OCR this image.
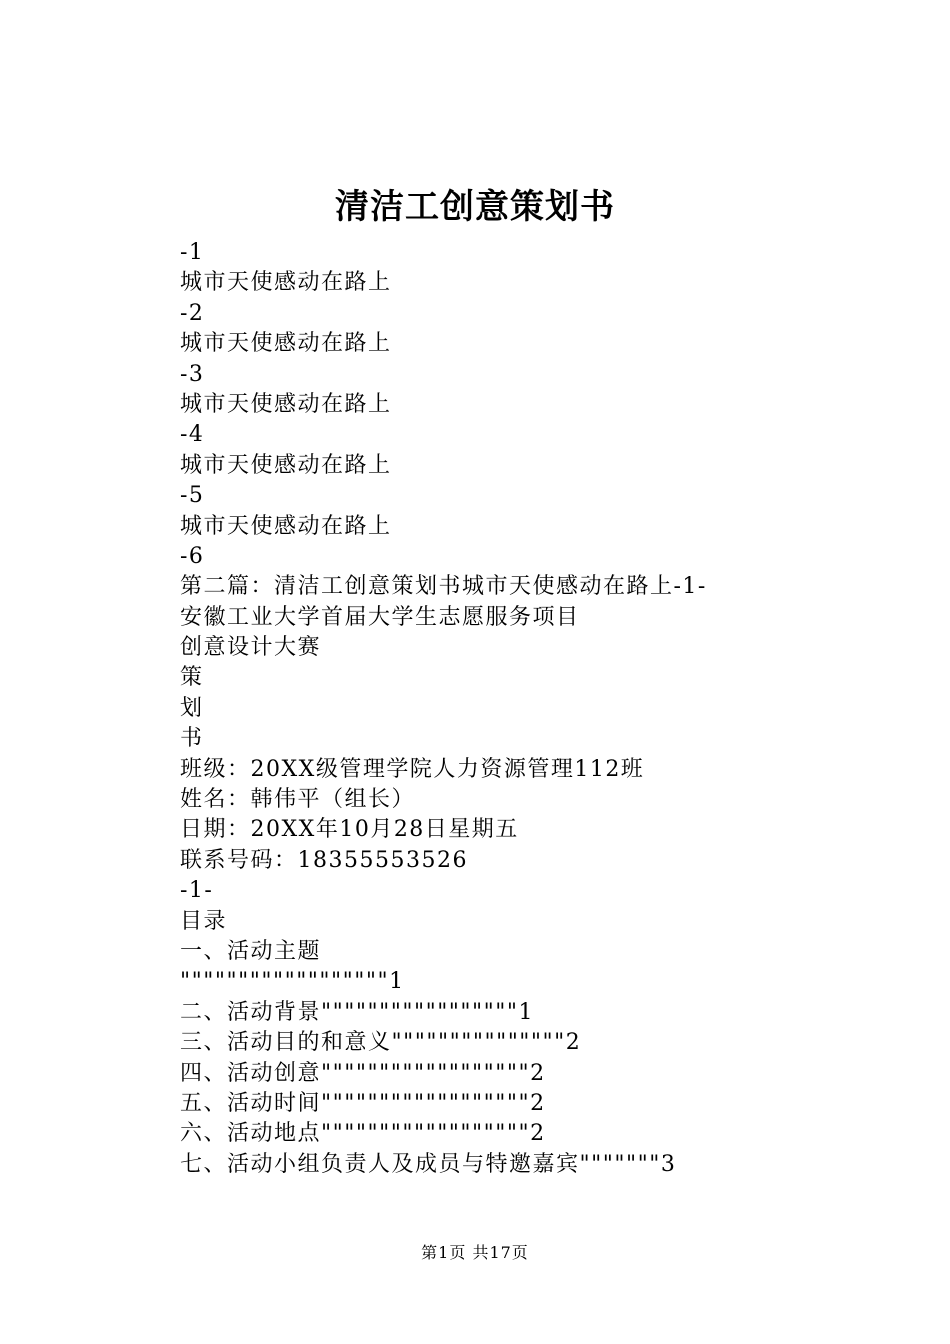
清洁工创意策划书
-1
城市天使感动在路上
-2
城市天使感动在路上
-3
城市天使感动在路上
-4
城市天使感动在路上
-5
城市天使感动在路上
-6
第二篇：清洁工创意策划书城市天使感动在路上-1-
安徽工业大学首届大学生志愿服务项目
创意设计大赛
策
划
书
班级：20XX级管理学院人力资源管理112班
姓名：韩伟平（组长）
日期：20XX年10月28日星期五
联系号码：18355553526
-1-
目录
一、活动主题
""""""""""""""""""1
二、活动背景"""""""""""""""""1
三、活动目的和意义"""""""""""""""2
四、活动创意""""""""""""""""""2
五、活动时间""""""""""""""""""2
六、活动地点""""""""""""""""""2
七、活动小组负责人及成员与特邀嘉宾"""""""3
第1页 共17页
